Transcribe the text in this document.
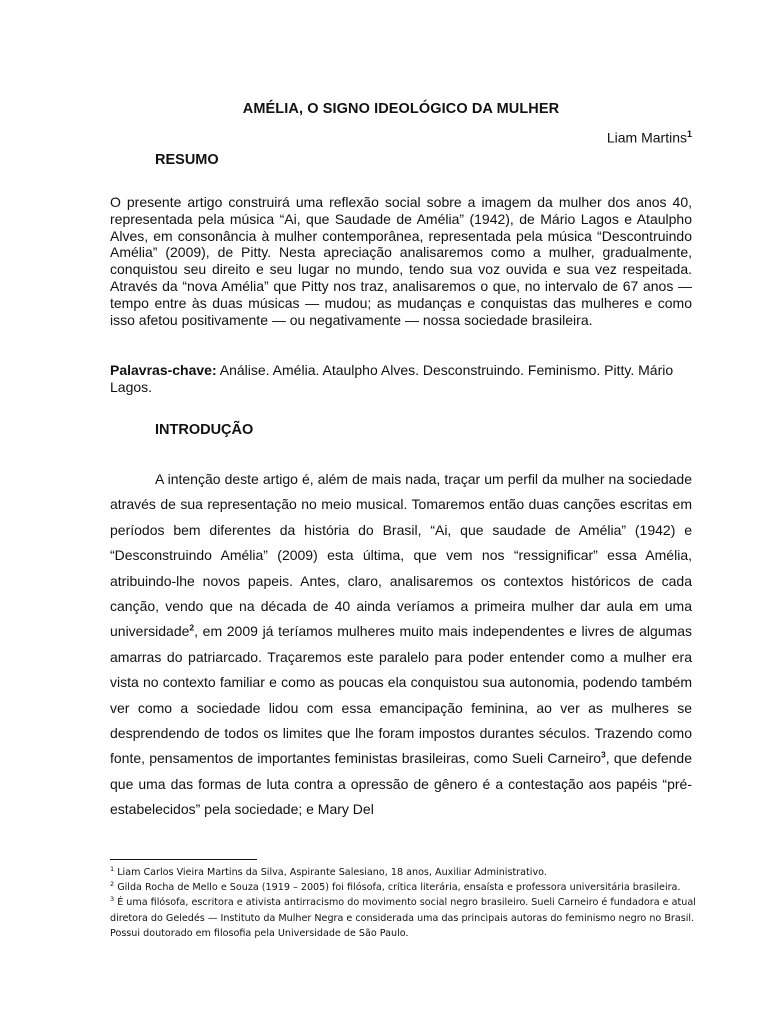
AMÉLIA, O SIGNO IDEOLÓGICO DA MULHER
Liam Martins$^1$
RESUMO

O presente artigo construirá uma reflexão social sobre a imagem da mulher dos anos 40, representada pela música “Ai, que Saudade de Amélia” (1942), de Mário Lagos e Ataulpho Alves, em consonância à mulher contemporânea, representada pela música “Descontruindo Amélia” (2009), de Pitty. Nesta apreciação analisaremos como a mulher, gradualmente, conquistou seu direito e seu lugar no mundo, tendo sua voz ouvida e sua vez respeitada. Através da “nova Amélia” que Pitty nos traz, analisaremos o que, no intervalo de 67 anos — tempo entre às duas músicas — mudou; as mudanças e conquistas das mulheres e como isso afetou positivamente — ou negativamente — nossa sociedade brasileira.

Palavras-chave: Análise. Amélia. Ataulpho Alves. Desconstruindo. Feminismo. Pitty. Mário Lagos.

INTRODUÇÃO

A intenção deste artigo é, além de mais nada, traçar um perfil da mulher na sociedade através de sua representação no meio musical. Tomaremos então duas canções escritas em períodos bem diferentes da história do Brasil, “Ai, que saudade de Amélia” (1942) e “Desconstruindo Amélia” (2009) esta última, que vem nos “ressignificar” essa Amélia, atribuindo-lhe novos papeis. Antes, claro, analisaremos os contextos históricos de cada canção, vendo que na década de 40 ainda veríamos a primeira mulher dar aula em uma universidade$^2$, em 2009 já teríamos mulheres muito mais independentes e livres de algumas amarras do patriarcado. Traçaremos este paralelo para poder entender como a mulher era vista no contexto familiar e como as poucas ela conquistou sua autonomia, podendo também ver como a sociedade lidou com essa emancipação feminina, ao ver as mulheres se desprendendo de todos os limites que lhe foram impostos durantes séculos. Trazendo como fonte, pensamentos de importantes feministas brasileiras, como Sueli Carneiro$^3$, que defende que uma das formas de luta contra a opressão de gênero é a contestação aos papéis “pré-estabelecidos” pela sociedade; e Mary Del

$^1$ Liam Carlos Vieira Martins da Silva, Aspirante Salesiano, 18 anos, Auxiliar Administrativo.
$^2$ Gilda Rocha de Mello e Souza (1919 – 2005) foi filósofa, crítica literária, ensaísta e professora universitária brasileira.
$^3$ É uma filósofa, escritora e ativista antirracismo do movimento social negro brasileiro. Sueli Carneiro é fundadora e atual diretora do Geledés — Instituto da Mulher Negra e considerada uma das principais autoras do feminismo negro no Brasil. Possui doutorado em filosofia pela Universidade de São Paulo.
